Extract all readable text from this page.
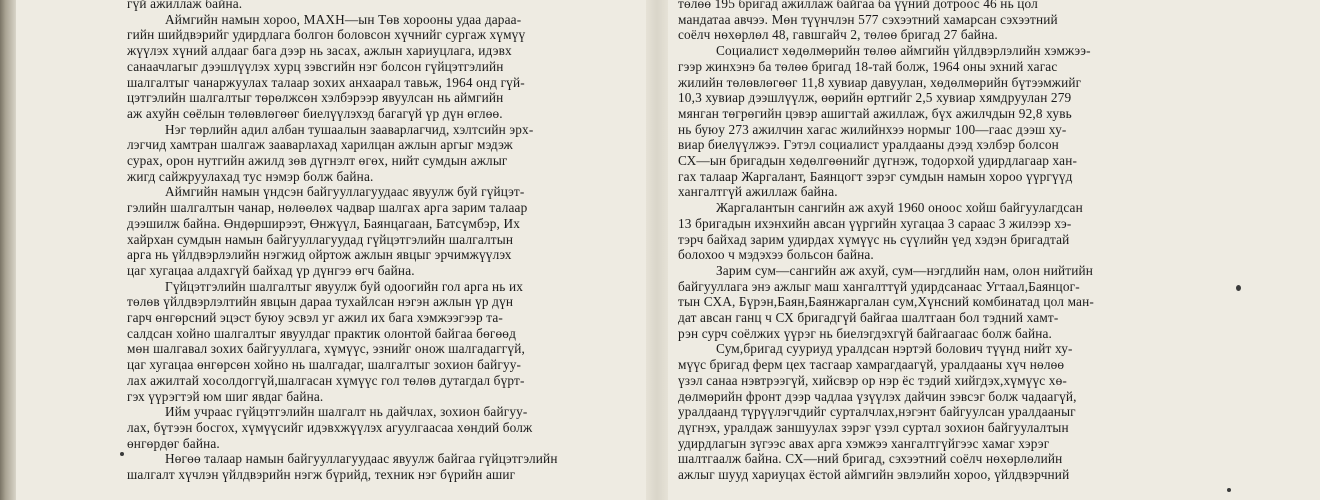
гүй ажиллаж байна.

Аймгийн намын хороо, МАХН—ын Төв хорооны удаа дараа-

гийн шийдвэрийг удирдлага болгон боловсон хүчнийг сургаж хүмүү

жүүлэх хүний алдааг бага дээр нь засах, ажлын хариуцлага, идэвх

санаачлагыг дээшлүүлэх хурц зэвсгийн нэг болсон гүйцэтгэлийн

шалгалтыг чанаржуулах талаар зохих анхаарал тавьж, 1964 онд гүй-

цэтгэлийн шалгалтыг төрөлжсөн хэлбэрээр явуулсан нь аймгийн

аж ахуйн сөёлын төлөвлөгөөг биелүүлэхэд багагүй үр дүн өглөө.

Нэг төрлийн адил албан тушаалын зааварлагчид, хэлтсийн эрх-

лэгчид хамтран шалгаж зааварлахад харилцан ажлын аргыг мэдэж

сурах, орон нутгийн ажилд зөв дүгнэлт өгөх, нийт сумдын ажлыг

жигд сайжруулахад тус нэмэр болж байна.

Аймгийн намын үндсэн байгууллагуудаас явуулж буй гүйцэт-

гэлийн шалгалтын чанар, нөлөөлөх чадвар шалгах арга зарим талаар

дээшилж байна. Өндөрширээт, Өнжүүл, Баянцагаан, Батсүмбэр, Их

хайрхан сумдын намын байгууллагуудад гүйцэтгэлийн шалгалтын

арга нь үйлдвэрлэлийн нэгжид ойртож ажлын явцыг эрчимжүүлэх

цаг хугацаа алдахгүй байхад үр дүнгээ өгч байна.

Гүйцэтгэлийн шалгалтыг явуулж буй одоогийн гол арга нь их

төлөв үйлдвэрлэлтийн явцын дараа тухайлсан нэгэн ажлын үр дүн

гарч өнгөрсний эцэст буюу эсвэл уг ажил их бага хэмжээгээр та-

салдсан хойно шалгалтыг явуулдаг практик олонтой байгаа бөгөөд

мөн шалгавал зохих байгууллага, хүмүүс, эзнийг онож шалгадаггүй,

цаг хугацаа өнгөрсөн хойно нь шалгадаг, шалгалтыг зохион байгуу-

лах ажилтай хосолдоггүй,шалгасан хүмүүс гол төлөв дутагдал бүрт-

гэх үүрэгтэй юм шиг явдаг байна.

Ийм учраас гүйцэтгэлийн шалгалт нь дайчлах, зохион байгуу-

лах, бүтээн босгох, хүмүүсийг идэвхжүүлэх агуулгаасаа хөндий болж

өнгөрдөг байна.

Нөгөө талаар намын байгууллагуудаас явуулж байгаа гүйцэтгэлийн

шалгалт хүчлэн үйлдвэрийн нэгж бүрийд, техник нэг бүрийн ашиг

төлөө 195 бригад ажиллаж байгаа ба үүний дотроос 46 нь цол

мандатаа авчээ. Мөн түүнчлэн 577 сэхээтний хамарсан сэхээтний

соёлч нөхөрлөл 48, гавшгайч 2, төлөө бригад 27 байна.

Социалист хөдөлмөрийн төлөө аймгийн үйлдвэрлэлийн хэмжээ-

гээр жинхэнэ ба төлөө бригад 18-тай болж, 1964 оны эхний хагас

жилийн төлөвлөгөөг 11,8 хувиар давуулан, хөдөлмөрийн бүтээмжийг

10,3 хувиар дээшлүүлж, өөрийн өртгийг 2,5 хувиар хямдруулан 279

мянган төгрөгийн цэвэр ашигтай ажиллаж, бүх ажилчдын 92,8 хувь

нь буюу 273 ажилчин хагас жилийнхээ нормыг 100—гаас дээш ху-

виар биелүүлжээ. Гэтэл социалист уралдааны дээд хэлбэр болсон

СХ—ын бригадын хөдөлгөөнийг дүгнэж, тодорхой удирдлагаар хан-

гах талаар Жаргалант, Баянцогт зэрэг сумдын намын хороо үүргүүд

хангалтгүй ажиллаж байна.

Жаргалантын сангийн аж ахуй 1960 оноос хойш байгуулагдсан

13 бригадын ихэнхийн авсан үүргийн хугацаа 3 сараас 3 жилээр хэ-

тэрч байхад зарим удирдах хүмүүс нь сүүлийн үед хэдэн бригадтай

болохоо ч мэдэхээ больсон байна.

Зарим сум—сангийн аж ахуй, сум—нэгдлийн нам, олон нийтийн

байгууллага энэ ажлыг маш хангалттүй удирдсанаас Угтаал,Баянцог-

тын СХА, Бүрэн,Баян,Баянжаргалан сум,Хүнсний комбинатад цол ман-

дат авсан ганц ч СХ бригадгүй байгаа шалтгаан бол тэдний хамт-

рэн сурч соёлжих үүрэг нь биелэгдэхгүй байгаагаас болж байна.

Сум,бригад сууриуд уралдсан нэртэй болович түүнд нийт ху-

мүүс бригад ферм цех тасгаар хамрагдаагүй, уралдааны хүч нөлөө

үзэл санаа нэвтрээгүй, хийсвэр ор нэр ёс тэдий хийгдэх,хүмүүс хө-

дөлмөрийн фронт дээр чадлаа үзүүлэх дайчин зэвсэг болж чадаагүй,

уралдаанд түрүүлэгчдийг сурталчлах,нэгэнт байгуулсан уралдааныг

дүгнэх, уралдаж заншуулах зэрэг үзэл суртал зохион байгуулалтын

удирдлагын зүгээс авах арга хэмжээ хангалтгүйгээс хамаг хэрэг

шалтгаалж байна. СХ—ний бригад, сэхээтний соёлч нөхөрлөлийн

ажлыг шууд хариуцах ёстой аймгийн эвлэлийн хороо, үйлдвэрчний
